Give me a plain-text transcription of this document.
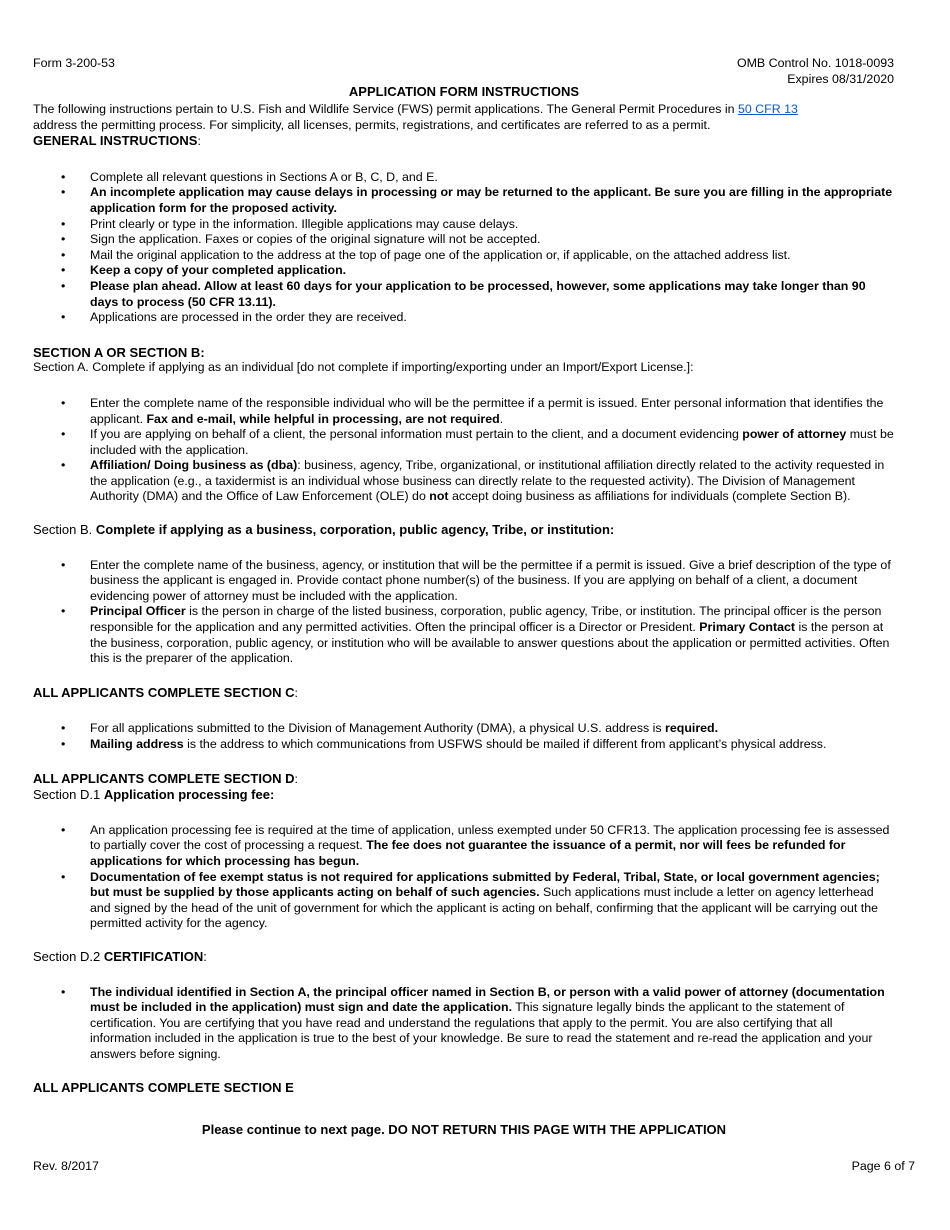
Form 3-200-53	OMB Control No. 1018-0093
Expires 08/31/2020
APPLICATION FORM INSTRUCTIONS

The following instructions pertain to U.S. Fish and Wildlife Service (FWS) permit applications. The General Permit Procedures in 50 CFR 13
address the permitting process. For simplicity, all licenses, permits, registrations, and certificates are referred to as a permit.

GENERAL INSTRUCTIONS:

• Complete all relevant questions in Sections A or B, C, D, and E.
• An incomplete application may cause delays in processing or may be returned to the applicant. Be sure you are filling in the appropriate application form for the proposed activity.
• Print clearly or type in the information. Illegible applications may cause delays.
• Sign the application. Faxes or copies of the original signature will not be accepted.
• Mail the original application to the address at the top of page one of the application or, if applicable, on the attached address list.
• Keep a copy of your completed application.
• Please plan ahead. Allow at least 60 days for your application to be processed, however, some applications may take longer than 90 days to process (50 CFR 13.11).
• Applications are processed in the order they are received.

SECTION A OR SECTION B:

Section A. Complete if applying as an individual [do not complete if importing/exporting under an Import/Export License.]:

• Enter the complete name of the responsible individual who will be the permittee if a permit is issued. Enter personal information that identifies the applicant. Fax and e-mail, while helpful in processing, are not required.
• If you are applying on behalf of a client, the personal information must pertain to the client, and a document evidencing power of attorney must be included with the application.
• Affiliation/ Doing business as (dba): business, agency, Tribe, organizational, or institutional affiliation directly related to the activity requested in the application (e.g., a taxidermist is an individual whose business can directly relate to the requested activity). The Division of Management Authority (DMA) and the Office of Law Enforcement (OLE) do not accept doing business as affiliations for individuals (complete Section B).

Section B. Complete if applying as a business, corporation, public agency, Tribe, or institution:

• Enter the complete name of the business, agency, or institution that will be the permittee if a permit is issued. Give a brief description of the type of business the applicant is engaged in. Provide contact phone number(s) of the business. If you are applying on behalf of a client, a document evidencing power of attorney must be included with the application.
• Principal Officer is the person in charge of the listed business, corporation, public agency, Tribe, or institution. The principal officer is the person responsible for the application and any permitted activities. Often the principal officer is a Director or President. Primary Contact is the person at the business, corporation, public agency, or institution who will be available to answer questions about the application or permitted activities. Often this is the preparer of the application.

ALL APPLICANTS COMPLETE SECTION C:

• For all applications submitted to the Division of Management Authority (DMA), a physical U.S. address is required.
• Mailing address is the address to which communications from USFWS should be mailed if different from applicant’s physical address.

ALL APPLICANTS COMPLETE SECTION D:

Section D.1 Application processing fee:

• An application processing fee is required at the time of application, unless exempted under 50 CFR13. The application processing fee is assessed to partially cover the cost of processing a request. The fee does not guarantee the issuance of a permit, nor will fees be refunded for applications for which processing has begun.
• Documentation of fee exempt status is not required for applications submitted by Federal, Tribal, State, or local government agencies; but must be supplied by those applicants acting on behalf of such agencies. Such applications must include a letter on agency letterhead and signed by the head of the unit of government for which the applicant is acting on behalf, confirming that the applicant will be carrying out the permitted activity for the agency.

Section D.2 CERTIFICATION:

• The individual identified in Section A, the principal officer named in Section B, or person with a valid power of attorney (documentation must be included in the application) must sign and date the application. This signature legally binds the applicant to the statement of certification. You are certifying that you have read and understand the regulations that apply to the permit. You are also certifying that all information included in the application is true to the best of your knowledge. Be sure to read the statement and re-read the application and your answers before signing.

ALL APPLICANTS COMPLETE SECTION E

Please continue to next page. DO NOT RETURN THIS PAGE WITH THE APPLICATION
Rev. 8/2017	Page 6 of 7
